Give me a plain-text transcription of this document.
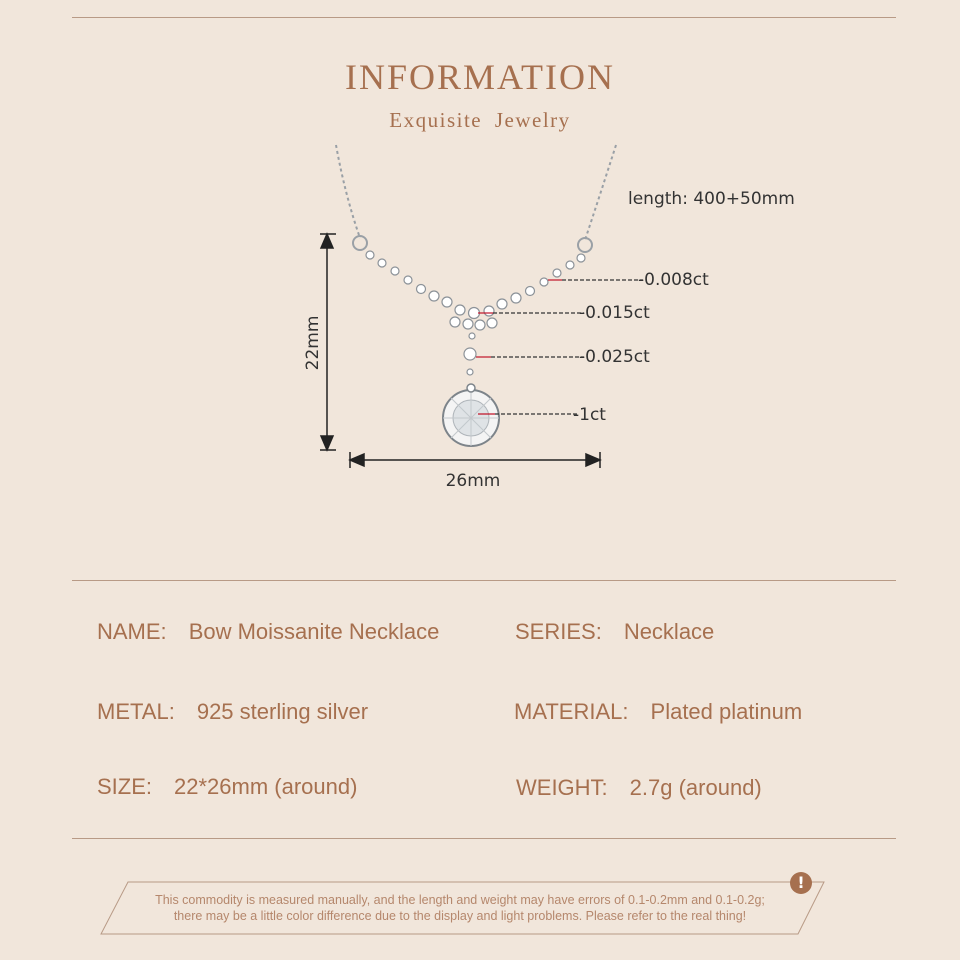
INFORMATION
Exquisite Jewelry
22mm
26mm
length: 400+50mm
-0.008ct
-0.015ct
-0.025ct
-1ct
NAME: Bow Moissanite Necklace	SERIES: Necklace
METAL: 925 sterling silver	MATERIAL: Plated platinum
SIZE: 22*26mm (around)	WEIGHT: 2.7g (around)
!
This commodity is measured manually, and the length and weight may have errors of 0.1-0.2mm and 0.1-0.2g;
there may be a little color difference due to the display and light problems. Please refer to the real thing!
